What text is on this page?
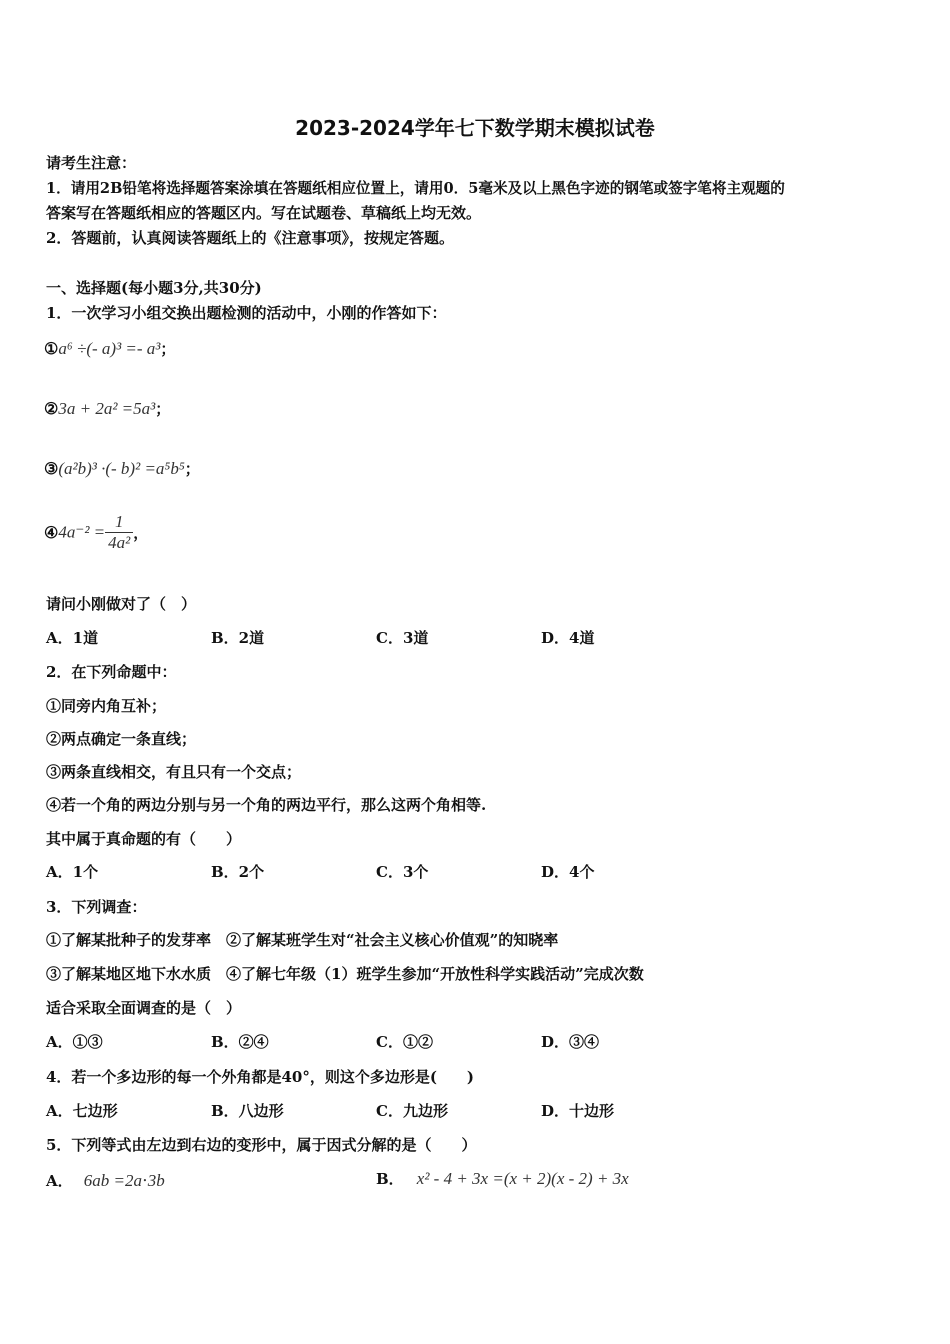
2023-2024学年七下数学期末模拟试卷
请考生注意：
1．请用2B铅笔将选择题答案涂填在答题纸相应位置上，请用0．5毫米及以上黑色字迹的钢笔或签字笔将主观题的
答案写在答题纸相应的答题区内。写在试题卷、草稿纸上均无效。
2．答题前，认真阅读答题纸上的《注意事项》，按规定答题。
一、选择题(每小题3分,共30分)
1．一次学习小组交换出题检测的活动中，小刚的作答如下：
①a⁶ ÷(- a)³ =- a³；
②3a + 2a² =5a³；
③(a²b)³ ·(- b)² =a⁵b⁵；
④4a⁻² = $\frac{1}{\text{4a²}}$ ，
请问小刚做对了（　）
A．1道	B．2道	C．3道	D．4道
2．在下列命题中：
①同旁内角互补；
②两点确定一条直线；
③两条直线相交，有且只有一个交点；
④若一个角的两边分别与另一个角的两边平行，那么这两个角相等.
其中属于真命题的有（　　）
A．1个	B．2个	C．3个	D．4个
3．下列调查：
①了解某批种子的发芽率　②了解某班学生对“社会主义核心价值观”的知晓率
③了解某地区地下水水质　④了解七年级（1）班学生参加“开放性科学实践活动”完成次数
适合采取全面调查的是（　）
A．①③	B．②④	C．①②	D．③④
4．若一个多边形的每一个外角都是40°，则这个多边形是(　　)
A．七边形	B．八边形	C．九边形	D．十边形
5．下列等式由左边到右边的变形中，属于因式分解的是（　　）
A． 6ab =2a⋅3b	B． x² - 4 + 3x =(x + 2)(x - 2) + 3x
